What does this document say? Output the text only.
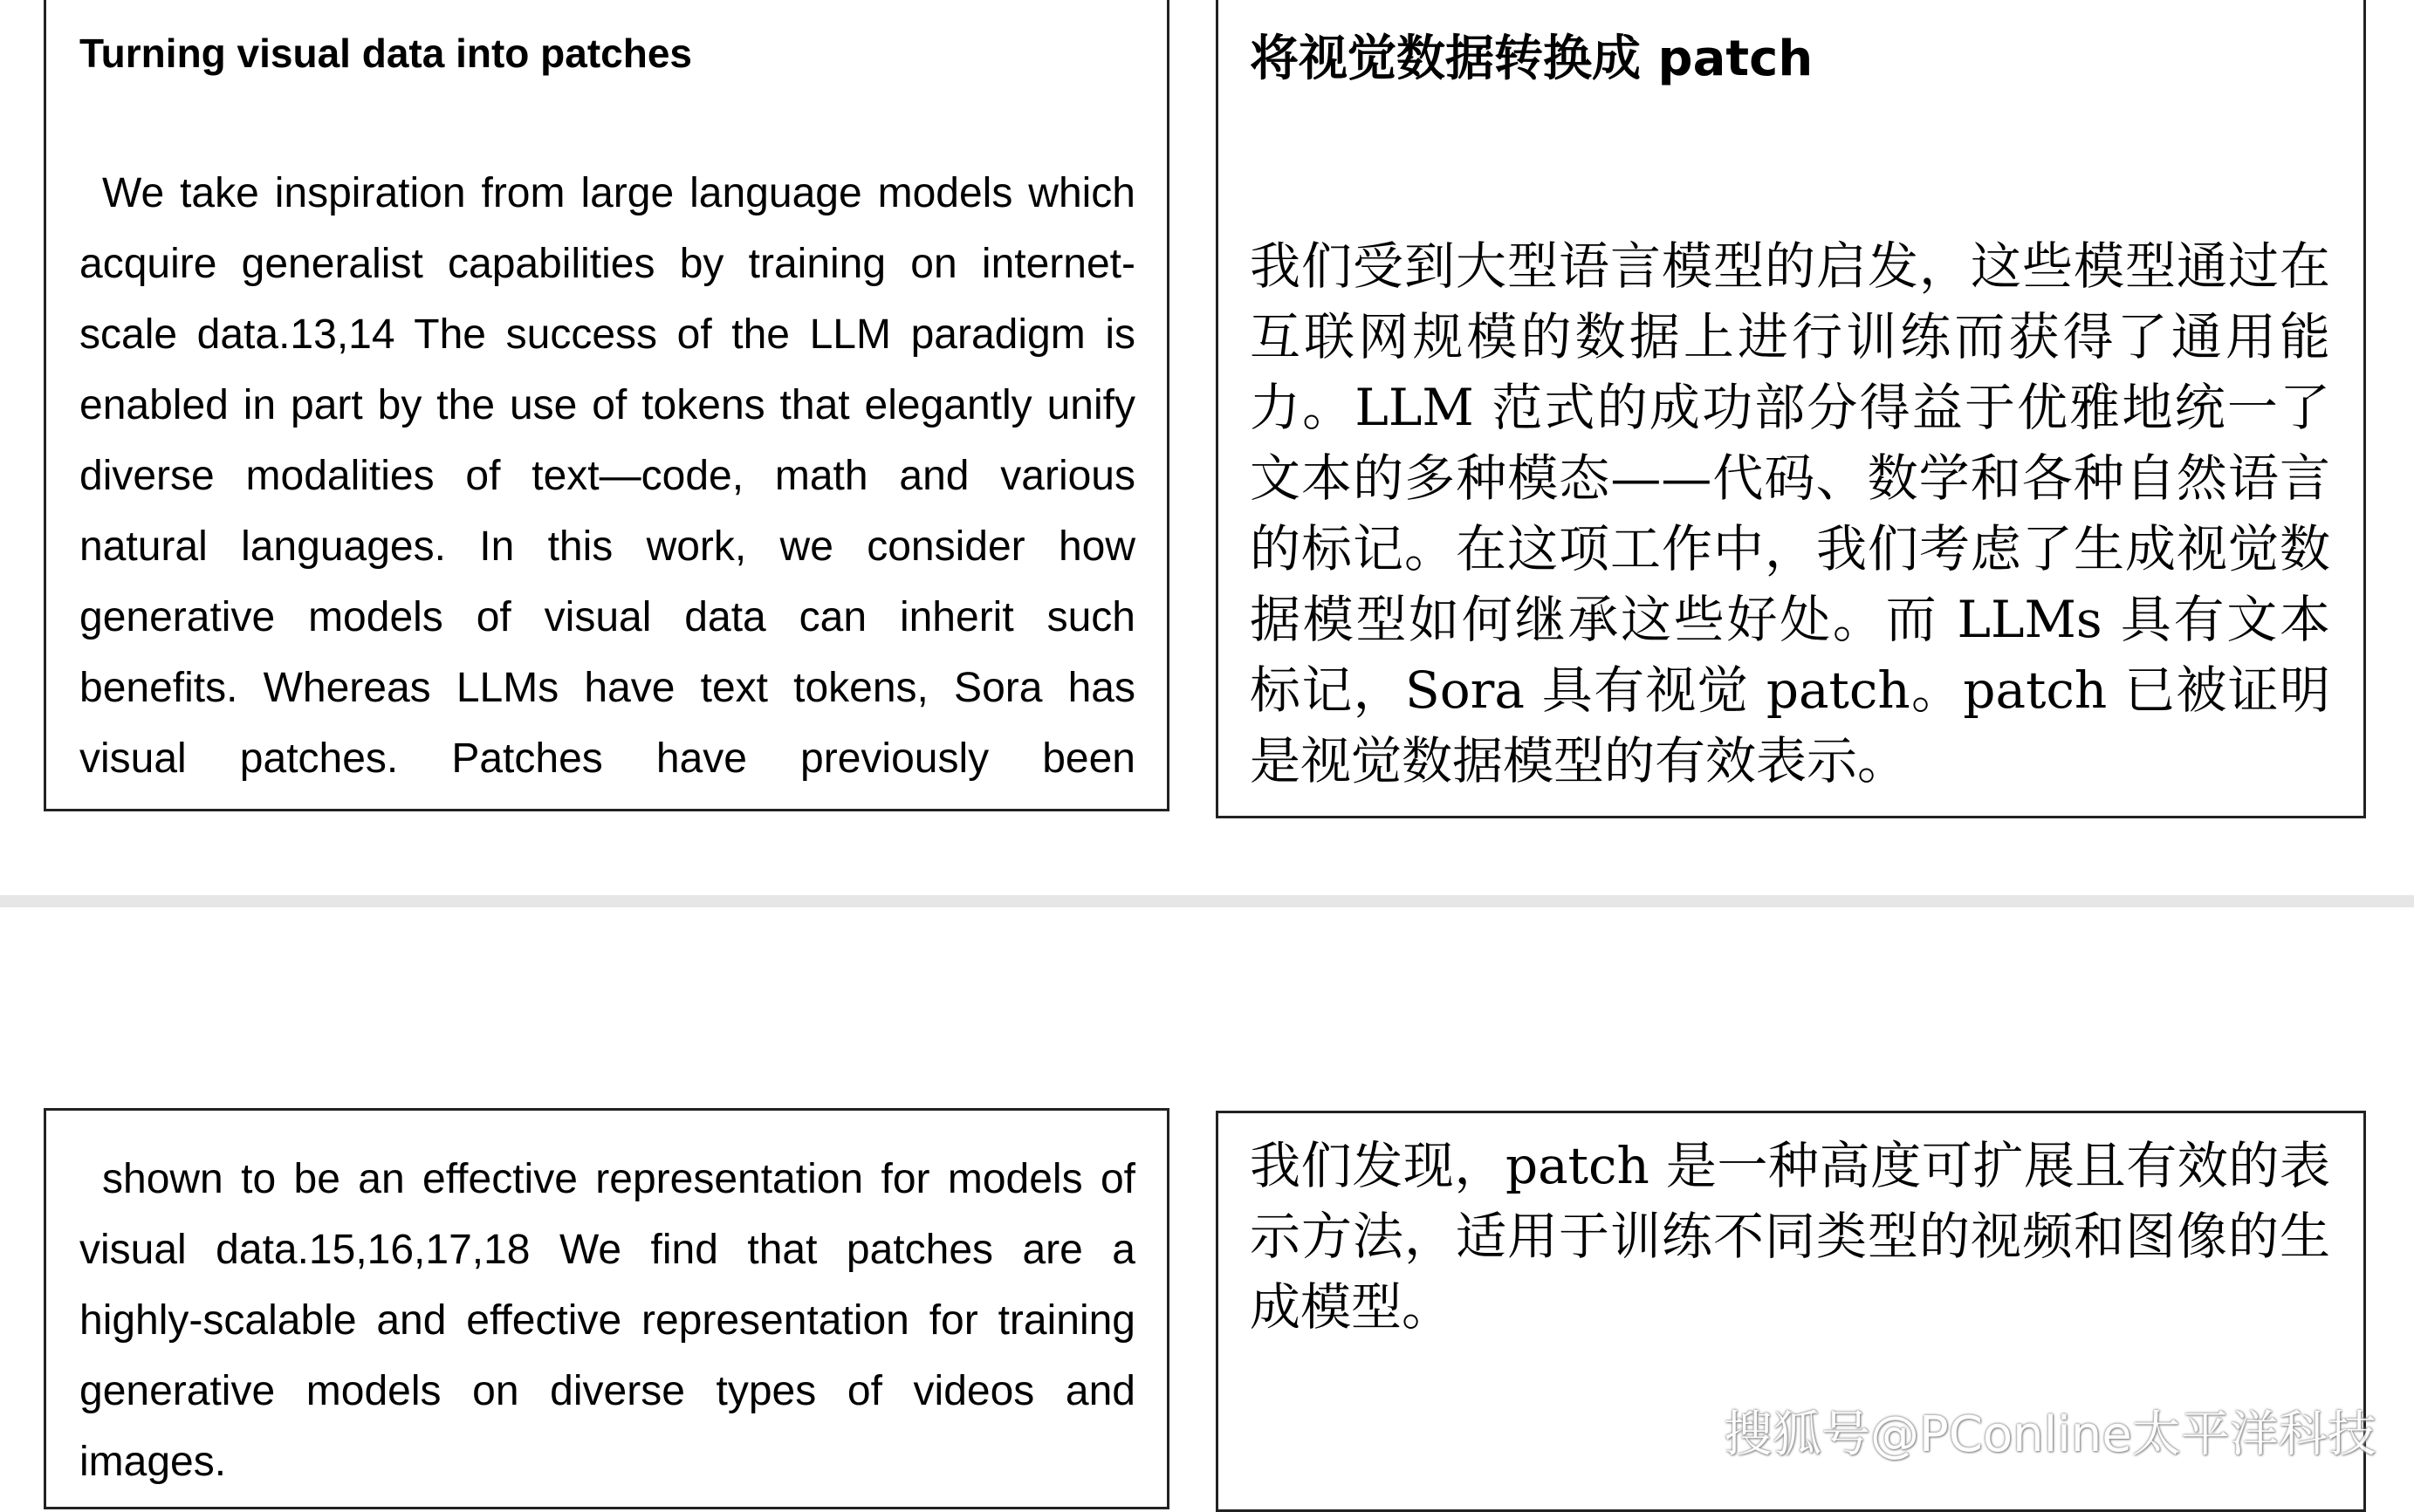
Turning visual data into patches
We take inspiration from large language models which acquire generalist capabilities by training on internet-scale data.13,14 The success of the LLM paradigm is enabled in part by the use of tokens that elegantly unify diverse modalities of text—code, math and various natural languages. In this work, we consider how generative models of visual data can inherit such benefits. Whereas LLMs have text tokens, Sora has visual patches. Patches have previously been
将视觉数据转换成 patch
我们受到大型语言模型的启发，这些模型通过在互联网规模的数据上进行训练而获得了通用能力。LLM 范式的成功部分得益于优雅地统一了文本的多种模态——代码、数学和各种自然语言的标记。在这项工作中，我们考虑了生成视觉数据模型如何继承这些好处。而 LLMs 具有文本标记，Sora 具有视觉 patch。patch 已被证明是视觉数据模型的有效表示。
shown to be an effective representation for models of visual data.15,16,17,18 We find that patches are a highly-scalable and effective representation for training generative models on diverse types of videos and images.
我们发现，patch 是一种高度可扩展且有效的表示方法，适用于训练不同类型的视频和图像的生成模型。
搜狐号@PConline太平洋科技
